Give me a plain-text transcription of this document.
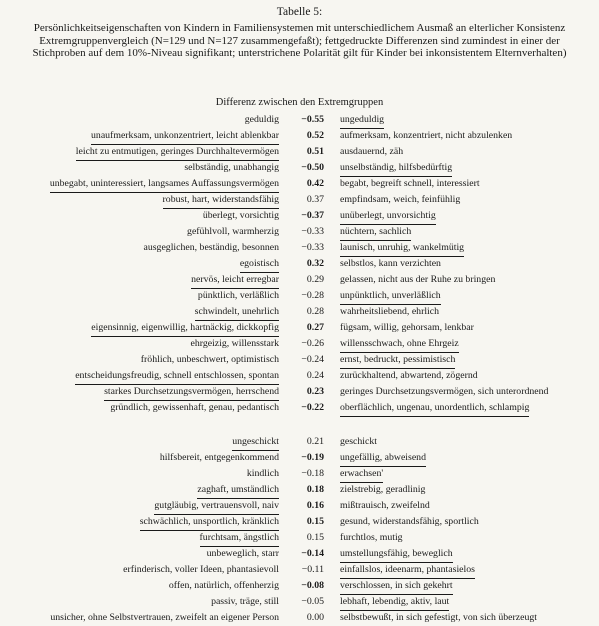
Tabelle 5:
Persönlichkeitseigenschaften von Kindern in Familiensystemen mit unterschiedlichem Ausmaß an elterlicher Konsistenz Extremgruppenvergleich (N=129 und N=127 zusammengefaßt); fettgedruckte Differenzen sind zumindest in einer der Stichproben auf dem 10%-Niveau signifikant; unterstrichene Polarität gilt für Kinder bei inkonsistentem Elternverhalten)
Differenz zwischen den Extremgruppen
geduldig	−0.55 ungeduldig
unaufmerksam, unkonzentriert, leicht ablenkbar	0.52 aufmerksam, konzentriert, nicht abzulenken
leicht zu entmutigen, geringes Durchhaltevermögen	0.51 ausdauernd, zäh
selbständig, unabhangig	−0.50 unselbständig, hilfsbedürftig
unbegabt, uninteressiert, langsames Auffassungsvermögen	0.42 begabt, begreift schnell, interessiert
robust, hart, widerstandsfähig	0.37 empfindsam, weich, feinfühlig
überlegt, vorsichtig	−0.37 unüberlegt, unvorsichtig
gefühlvoll, warmherzig	−0.33 nüchtern, sachlich
ausgeglichen, beständig, besonnen	−0.33 launisch, unruhig, wankelmütig
egoistisch	0.32 selbstlos, kann verzichten
nervös, leicht erregbar	0.29 gelassen, nicht aus der Ruhe zu bringen
pünktlich, verläßlich	−0.28 unpünktlich, unverläßlich
schwindelt, unehrlich	0.28 wahrheitsliebend, ehrlich
eigensinnig, eigenwillig, hartnäckig, dickkopfig	0.27 fügsam, willig, gehorsam, lenkbar
ehrgeizig, willensstark	−0.26 willensschwach, ohne Ehrgeiz
fröhlich, unbeschwert, optimistisch	−0.24 ernst, bedruckt, pessimistisch
entscheidungsfreudig, schnell entschlossen, spontan	0.24 zurückhaltend, abwartend, zögernd
starkes Durchsetzungsvermögen, herrschend	0.23 geringes Durchsetzungsvermögen, sich unterordnend
gründlich, gewissenhaft, genau, pedantisch	−0.22 oberflächlich, ungenau, unordentlich, schlampig
ungeschickt	0.21 geschickt
hilfsbereit, entgegenkommend	−0.19 ungefällig, abweisend
kindlich	−0.18 erwachsen'
zaghaft, umständlich	0.18 zielstrebig, geradlinig
gutgläubig, vertrauensvoll, naiv	0.16 mißtrauisch, zweifelnd
schwächlich, unsportlich, kränklich	0.15 gesund, widerstandsfähig, sportlich
furchtsam, ängstlich	0.15 furchtlos, mutig
unbeweglich, starr	−0.14 umstellungsfähig, beweglich
erfinderisch, voller Ideen, phantasievoll	−0.11 einfallslos, ideenarm, phantasielos
offen, natürlich, offenherzig	−0.08 verschlossen, in sich gekehrt
passiv, träge, still	−0.05 lebhaft, lebendig, aktiv, laut
unsicher, ohne Selbstvertrauen, zweifelt an eigener Person	0.00 selbstbewußt, in sich gefestigt, von sich überzeugt
